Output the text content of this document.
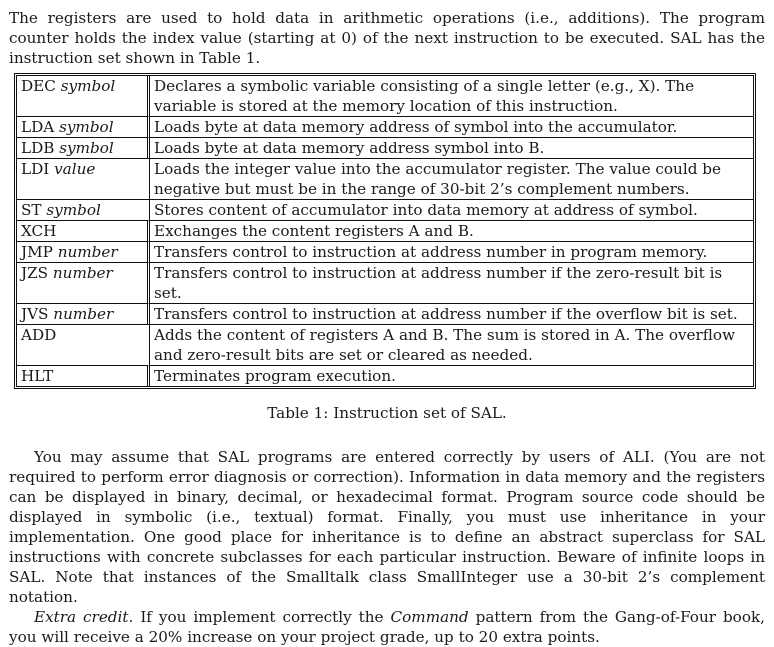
The registers are used to hold data in arithmetic operations (i.e., additions). The program counter holds the index value (starting at 0) of the next instruction to be executed. SAL has the instruction set shown in Table 1.

DEC symbol	Declares a symbolic variable consisting of a single letter (e.g., X). The variable is stored at the memory location of this instruction.
LDA symbol	Loads byte at data memory address of symbol into the accumulator.
LDB symbol	Loads byte at data memory address symbol into B.
LDI value	Loads the integer value into the accumulator register. The value could be negative but must be in the range of 30-bit 2’s complement numbers.
ST symbol	Stores content of accumulator into data memory at address of symbol.
XCH	Exchanges the content registers A and B.
JMP number	Transfers control to instruction at address number in program memory.
JZS number	Transfers control to instruction at address number if the zero-result bit is set.
JVS number	Transfers control to instruction at address number if the overflow bit is set.
ADD	Adds the content of registers A and B. The sum is stored in A. The overflow and zero-result bits are set or cleared as needed.
HLT	Terminates program execution.

Table 1: Instruction set of SAL.

You may assume that SAL programs are entered correctly by users of ALI. (You are not required to perform error diagnosis or correction). Information in data memory and the registers can be displayed in binary, decimal, or hexadecimal format. Program source code should be displayed in symbolic (i.e., textual) format. Finally, you must use inheritance in your implementation. One good place for inheritance is to define an abstract superclass for SAL instructions with concrete subclasses for each particular instruction. Beware of infinite loops in SAL. Note that instances of the Smalltalk class SmallInteger use a 30-bit 2’s complement notation.

Extra credit. If you implement correctly the Command pattern from the Gang-of-Four book, you will receive a 20% increase on your project grade, up to 20 extra points.
